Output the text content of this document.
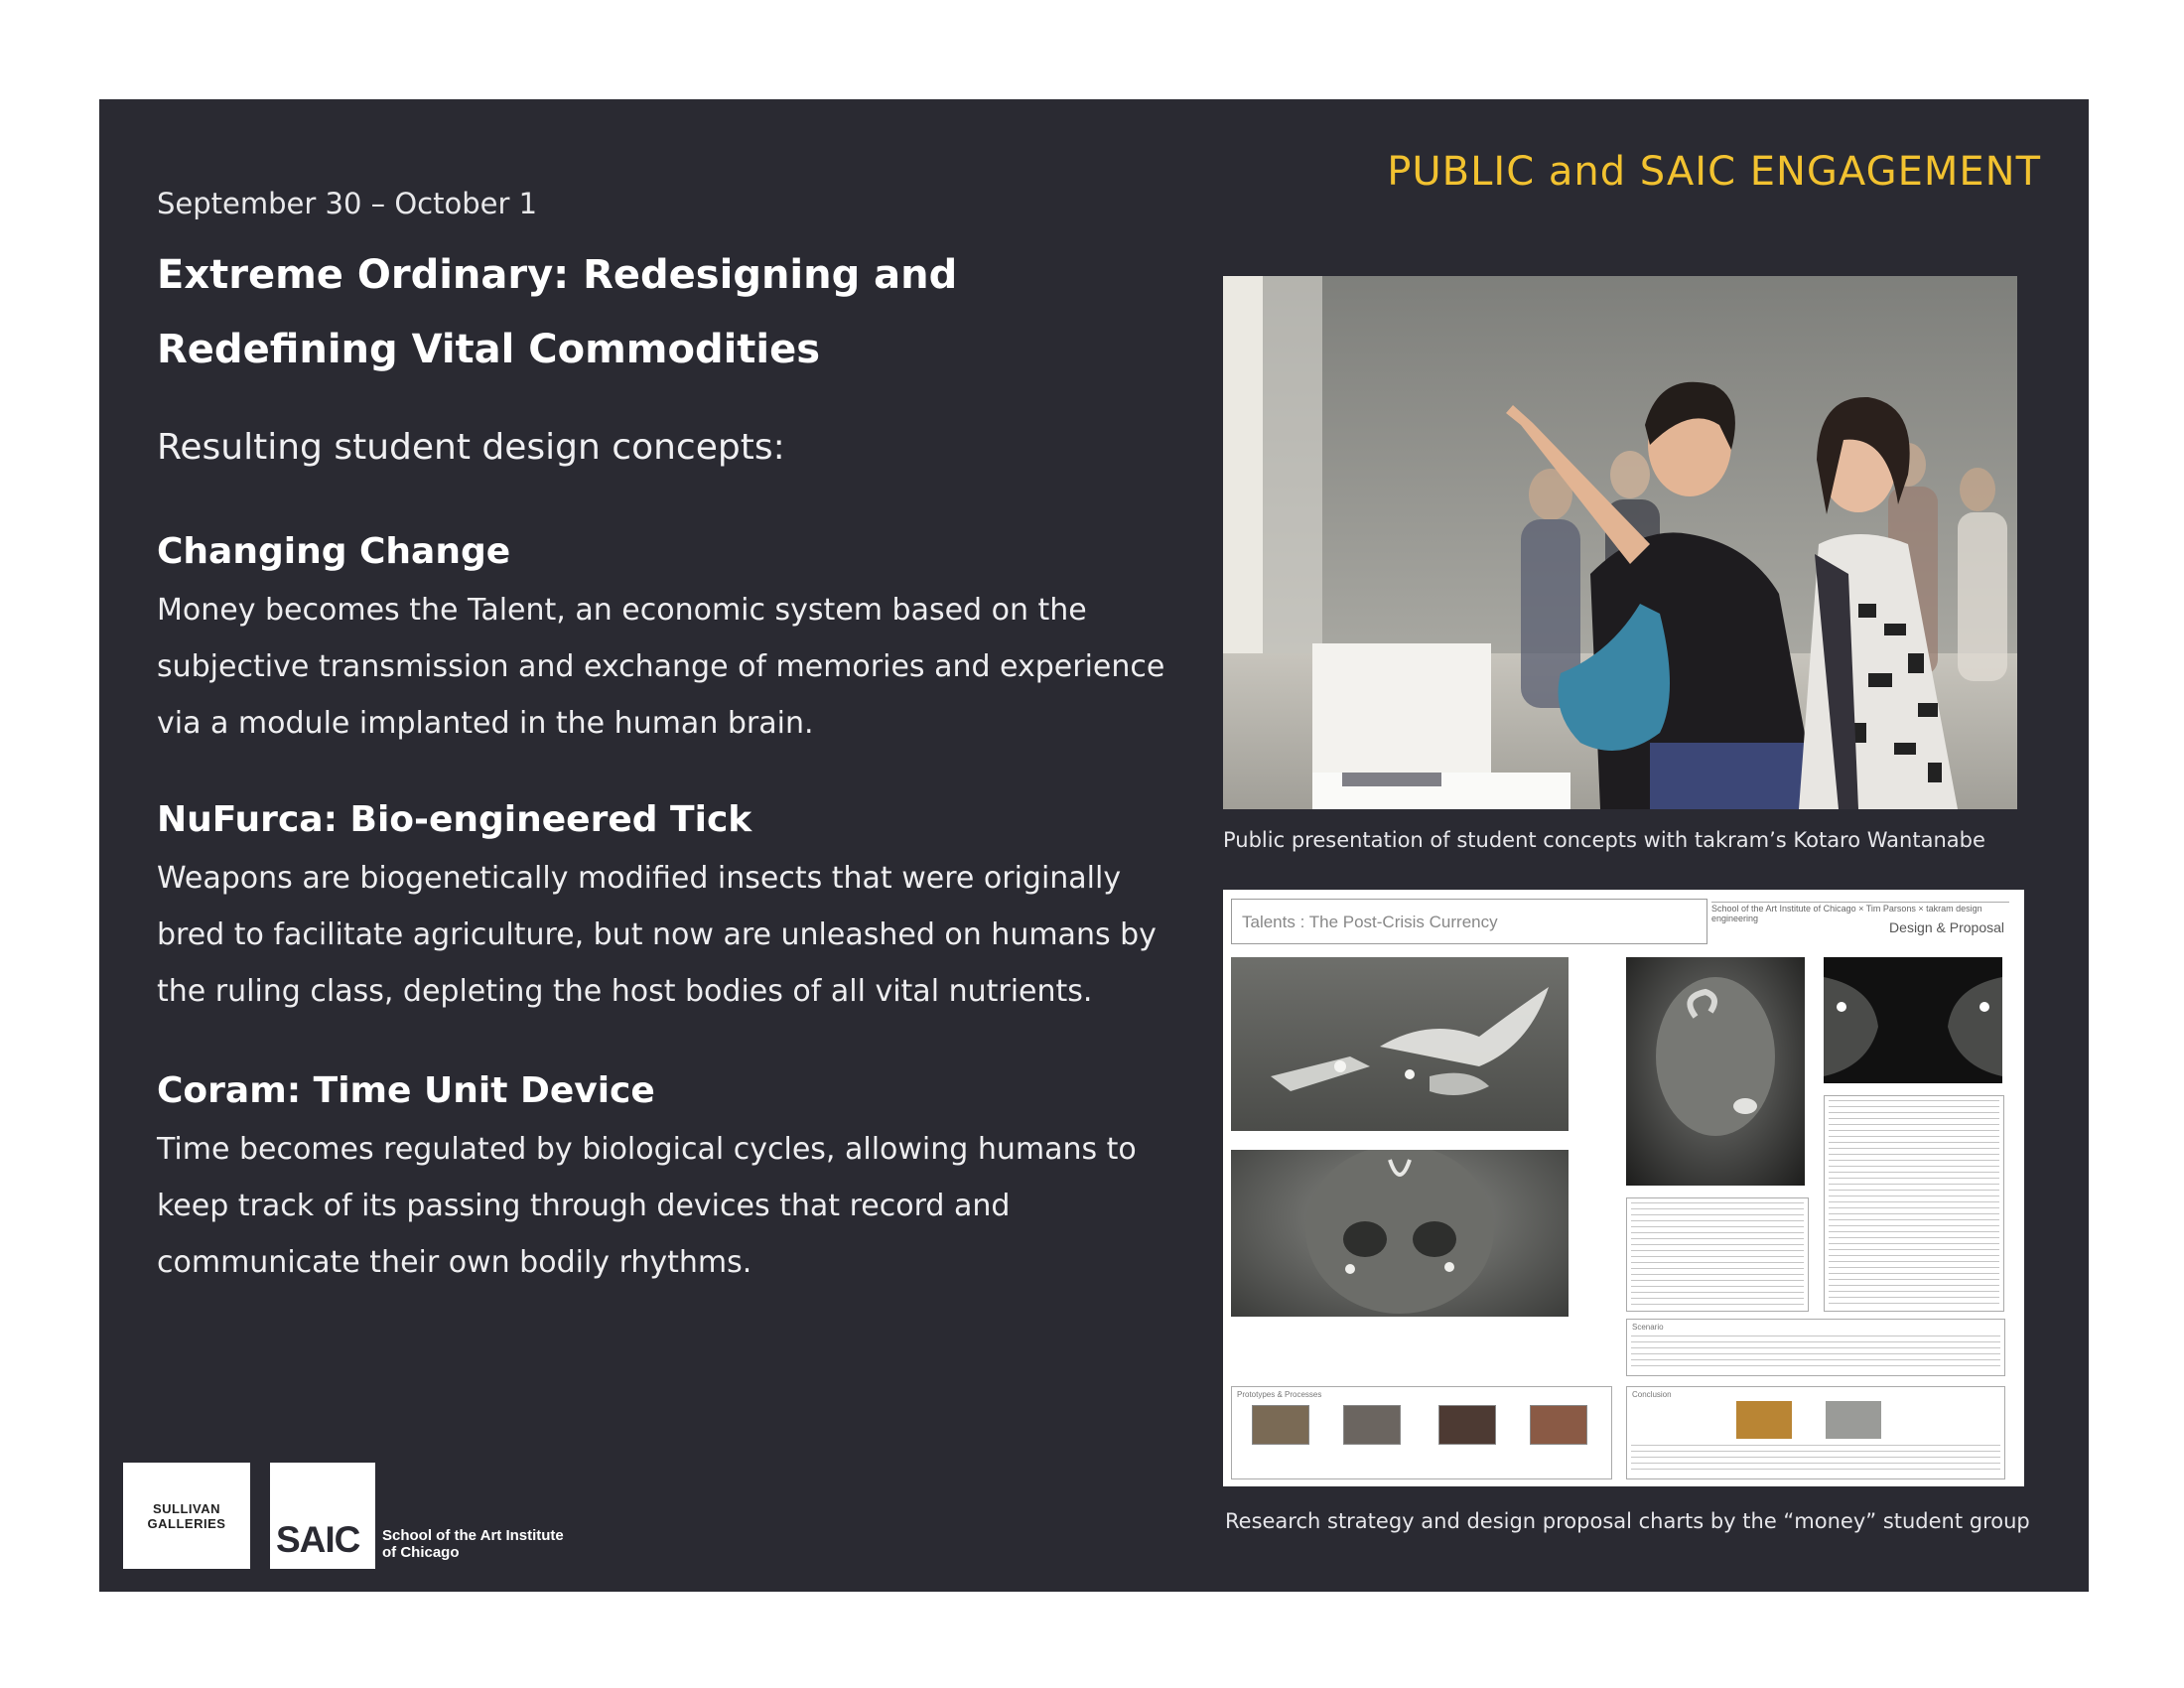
PUBLIC and SAIC ENGAGEMENT
September 30 – October 1
Extreme Ordinary: Redesigning and
Redefining Vital Commodities
Resulting student design concepts:
Changing Change

Money becomes the Talent, an economic system based on the subjective transmission and exchange of memories and experience via a module implanted in the human brain.

NuFurca: Bio-engineered Tick

Weapons are biogenetically modified insects that were originally bred to facilitate agriculture, but now are unleashed on humans by the ruling class, depleting the host bodies of all vital nutrients.

Coram: Time Unit Device

Time becomes regulated by biological cycles, allowing humans to keep track of its passing through devices that record and communicate their own bodily rhythms.

Public presentation of student concepts with takram’s Kotaro Wantanabe
Talents : The Post-Crisis Currency
School of the Art Institute of Chicago × Tim Parsons × takram design engineering
Design & Proposal
Scenario
Prototypes & Processes	Conclusion
Research strategy and design proposal charts by the “money” student group
SULLIVAN
GALLERIES SAIC School of the Art Institute
of Chicago
